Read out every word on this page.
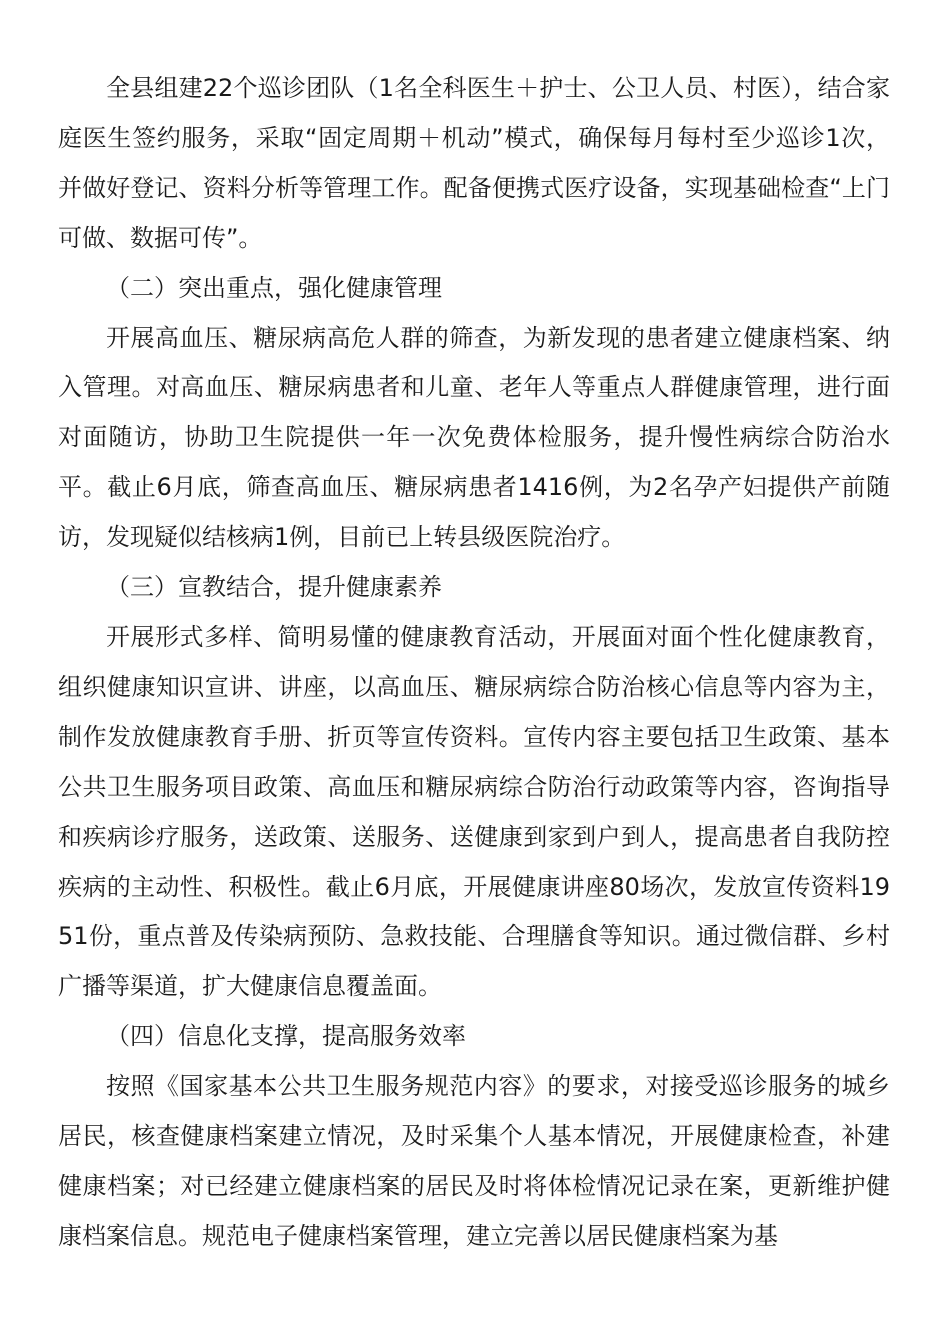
全县组建22个巡诊团队（1名全科医生＋护士、公卫人员、村医），结合家庭医生签约服务，采取“固定周期＋机动”模式，确保每月每村至少巡诊1次，并做好登记、资料分析等管理工作。配备便携式医疗设备，实现基础检查“上门可做、数据可传”。

（二）突出重点，强化健康管理

开展高血压、糖尿病高危人群的筛查，为新发现的患者建立健康档案、纳入管理。对高血压、糖尿病患者和儿童、老年人等重点人群健康管理，进行面对面随访，协助卫生院提供一年一次免费体检服务，提升慢性病综合防治水平。截止6月底，筛查高血压、糖尿病患者1416例，为2名孕产妇提供产前随访，发现疑似结核病1例，目前已上转县级医院治疗。

（三）宣教结合，提升健康素养

开展形式多样、简明易懂的健康教育活动，开展面对面个性化健康教育，组织健康知识宣讲、讲座，以高血压、糖尿病综合防治核心信息等内容为主，制作发放健康教育手册、折页等宣传资料。宣传内容主要包括卫生政策、基本公共卫生服务项目政策、高血压和糖尿病综合防治行动政策等内容，咨询指导和疾病诊疗服务，送政策、送服务、送健康到家到户到人，提高患者自我防控疾病的主动性、积极性。截止6月底，开展健康讲座80场次，发放宣传资料1951份，重点普及传染病预防、急救技能、合理膳食等知识。通过微信群、乡村广播等渠道，扩大健康信息覆盖面。

（四）信息化支撑，提高服务效率

按照《国家基本公共卫生服务规范内容》的要求，对接受巡诊服务的城乡居民，核查健康档案建立情况，及时采集个人基本情况，开展健康检查，补建健康档案；对已经建立健康档案的居民及时将体检情况记录在案，更新维护健康档案信息。规范电子健康档案管理，建立完善以居民健康档案为基
